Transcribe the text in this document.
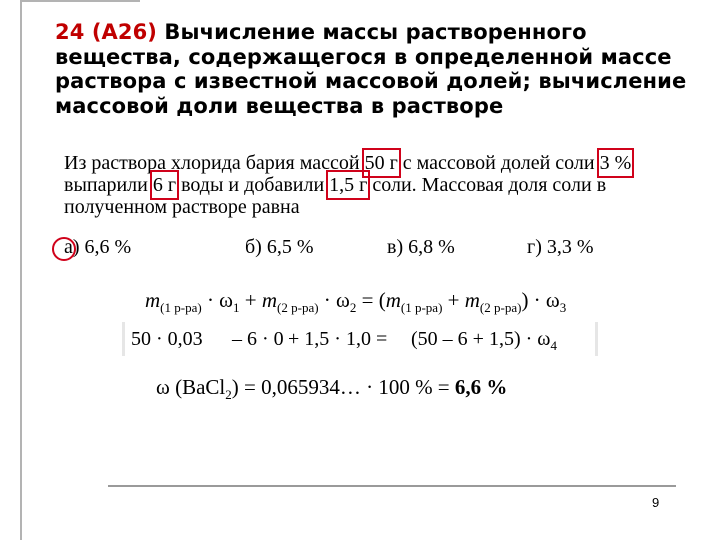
24 (А26) Вычисление массы растворенного
вещества, содержащегося в определенной массе
раствора с известной массовой долей; вычисление
массовой доли вещества в растворе
Из раствора хлорида бария массой 50 г с массовой долей соли 3 %
выпарили 6 г воды и добавили 1,5 г соли. Массовая доля соли в
полученном растворе равна
а) 6,6 %	б) 6,5 %	в) 6,8 %	г) 3,3 %
$m_{(1 р-ра)} \cdot \omega_1 + m_{(2 р-ра)} \cdot \omega_2 = (m_{(1 р-ра)} + m_{(2 р-ра)}) \cdot \omega_3$
$50 \cdot 0,03 - 6 \cdot 0 + 1,5 \cdot 1,0 = (50 - 6 + 1,5) \cdot \omega_4$
ω (BaCl$_2$) = 0,065934… · 100 % = 6,6 %
9
